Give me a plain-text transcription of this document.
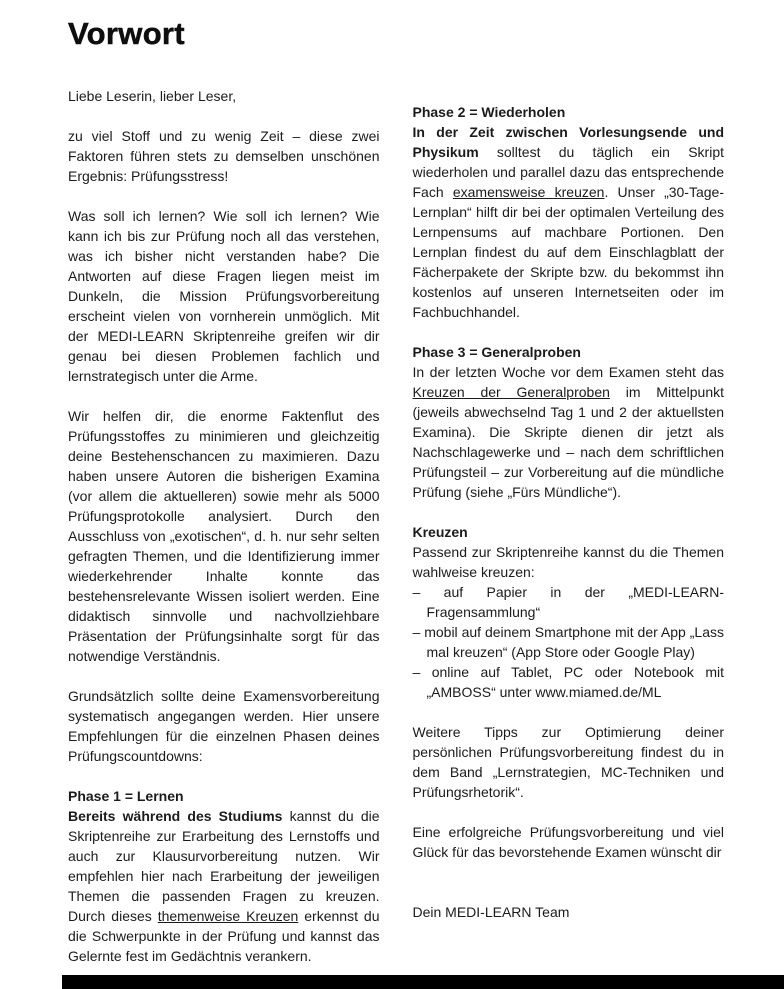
Vorwort

Liebe Leserin, lieber Leser,

zu viel Stoff und zu wenig Zeit – diese zwei Faktoren führen stets zu demselben unschönen Ergebnis: Prüfungsstress!

Was soll ich lernen? Wie soll ich lernen? Wie kann ich bis zur Prüfung noch all das verstehen, was ich bisher nicht verstanden habe? Die Antworten auf diese Fragen liegen meist im Dunkeln, die Mission Prüfungsvorbereitung erscheint vielen von vornherein unmöglich. Mit der MEDI-LEARN Skriptenreihe greifen wir dir genau bei diesen Problemen fachlich und lernstrategisch unter die Arme.

Wir helfen dir, die enorme Faktenflut des Prüfungsstoffes zu minimieren und gleichzeitig deine Bestehenschancen zu maximieren. Dazu haben unsere Autoren die bisherigen Examina (vor allem die aktuelleren) sowie mehr als 5000 Prüfungsprotokolle analysiert. Durch den Ausschluss von „exotischen“, d. h. nur sehr selten gefragten Themen, und die Identifizierung immer wiederkehrender Inhalte konnte das bestehensrelevante Wissen isoliert werden. Eine didaktisch sinnvolle und nachvollziehbare Präsentation der Prüfungsinhalte sorgt für das notwendige Verständnis.

Grundsätzlich sollte deine Examensvorbereitung systematisch angegangen werden. Hier unsere Empfehlungen für die einzelnen Phasen deines Prüfungscountdowns:

Phase 1 = Lernen

Bereits während des Studiums kannst du die Skriptenreihe zur Erarbeitung des Lernstoffs und auch zur Klausurvorbereitung nutzen. Wir empfehlen hier nach Erarbeitung der jeweiligen Themen die passenden Fragen zu kreuzen. Durch dieses themenweise Kreuzen erkennst du die Schwerpunkte in der Prüfung und kannst das Gelernte fest im Gedächtnis verankern.

Phase 2 = Wiederholen

In der Zeit zwischen Vorlesungsende und Physikum solltest du täglich ein Skript wiederholen und parallel dazu das entsprechende Fach examensweise kreuzen. Unser „30-Tage-Lernplan“ hilft dir bei der optimalen Verteilung des Lernpensums auf machbare Portionen. Den Lernplan findest du auf dem Einschlagblatt der Fächerpakete der Skripte bzw. du bekommst ihn kostenlos auf unseren Internetseiten oder im Fachbuchhandel.

Phase 3 = Generalproben

In der letzten Woche vor dem Examen steht das Kreuzen der Generalproben im Mittelpunkt (jeweils abwechselnd Tag 1 und 2 der aktuellsten Examina). Die Skripte dienen dir jetzt als Nachschlagewerke und – nach dem schriftlichen Prüfungsteil – zur Vorbereitung auf die mündliche Prüfung (siehe „Fürs Mündliche“).

Kreuzen

Passend zur Skriptenreihe kannst du die Themen wahlweise kreuzen:

– auf Papier in der „MEDI-LEARN-Fragensammlung“

– mobil auf deinem Smartphone mit der App „Lass mal kreuzen“ (App Store oder Google Play)

– online auf Tablet, PC oder Notebook mit „AMBOSS“ unter www.miamed.de/ML

Weitere Tipps zur Optimierung deiner persönlichen Prüfungsvorbereitung findest du in dem Band „Lernstrategien, MC-Techniken und Prüfungsrhetorik“.

Eine erfolgreiche Prüfungsvorbereitung und viel Glück für das bevorstehende Examen wünscht dir

Dein MEDI-LEARN Team
